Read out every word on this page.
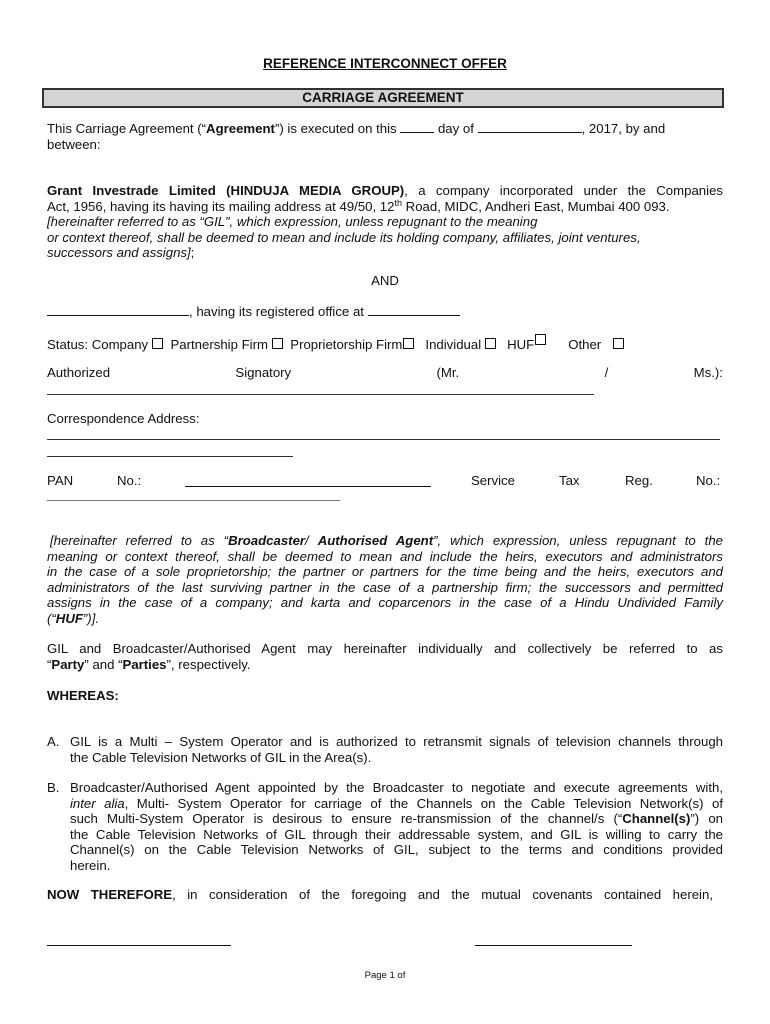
REFERENCE INTERCONNECT OFFER
CARRIAGE AGREEMENT
This Carriage Agreement (“Agreement”) is executed on this	day of	, 2017, by and
between:
Grant Investrade Limited (HINDUJA MEDIA GROUP), a company incorporated under the Companies
Act, 1956, having its having its mailing address at 49/50, 12th Road, MIDC, Andheri East, Mumbai 400 093.
[hereinafter referred to as “GIL”, which expression, unless repugnant to the meaning
or context thereof, shall be deemed to mean and include its holding company, affiliates, joint ventures,
successors and assigns];
AND
, having its registered office at
Status: Company Partnership Firm Proprietorship Firm Individual HUF	Other
Authorized	Signatory	(Mr.	/	Ms.):
Correspondence Address:
PAN	No.:	Service	Tax	Reg.	No.:
[hereinafter referred to as “Broadcaster/ Authorised Agent”, which expression, unless repugnant to the
meaning or context thereof, shall be deemed to mean and include the heirs, executors and administrators
in the case of a sole proprietorship; the partner or partners for the time being and the heirs, executors and
administrators of the last surviving partner in the case of a partnership firm; the successors and permitted
assigns in the case of a company; and karta and coparcenors in the case of a Hindu Undivided Family
(“HUF”)].
GIL and Broadcaster/Authorised Agent may hereinafter individually and collectively be referred to as
“Party” and “Parties”, respectively.
WHEREAS:
A. GIL is a Multi – System Operator and is authorized to retransmit signals of television channels through
the Cable Television Networks of GIL in the Area(s).
B. Broadcaster/Authorised Agent appointed by the Broadcaster to negotiate and execute agreements with,
inter alia, Multi- System Operator for carriage of the Channels on the Cable Television Network(s) of
such Multi-System Operator is desirous to ensure re-transmission of the channel/s (“Channel(s)”) on
the Cable Television Networks of GIL through their addressable system, and GIL is willing to carry the
Channel(s) on the Cable Television Networks of GIL, subject to the terms and conditions provided
herein.
NOW THEREFORE, in consideration of the foregoing and the mutual covenants contained herein,
Page 1 of
